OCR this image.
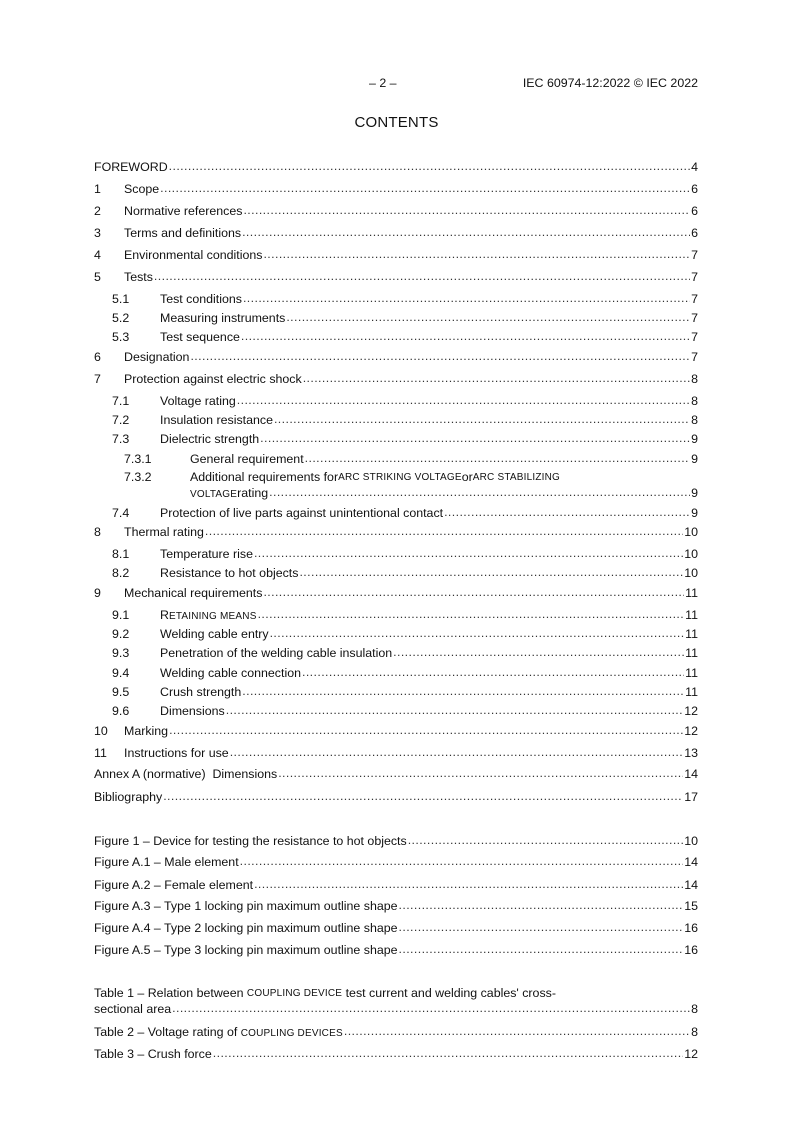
– 2 –	IEC 60974-12:2022 © IEC 2022
CONTENTS
FOREWORD .....	4
1	Scope .....	6
2	Normative references .....	6
3	Terms and definitions .....	6
4	Environmental conditions .....	7
5	Tests .....	7
5.1	Test conditions .....	7
5.2	Measuring instruments .....	7
5.3	Test sequence .....	7
6	Designation .....	7
7	Protection against electric shock .....	8
7.1	Voltage rating .....	8
7.2	Insulation resistance .....	8
7.3	Dielectric strength .....	9
7.3.1	General requirement .....	9
7.3.2	Additional requirements for ARC STRIKING VOLTAGE or ARC STABILIZING
VOLTAGE rating .....	9
7.4	Protection of live parts against unintentional contact .....	9
8	Thermal rating .....	10
8.1	Temperature rise .....	10
8.2	Resistance to hot objects .....	10
9	Mechanical requirements .....	11
9.1	RETAINING MEANS .....	11
9.2	Welding cable entry .....	11
9.3	Penetration of the welding cable insulation .....	11
9.4	Welding cable connection .....	11
9.5	Crush strength .....	11
9.6	Dimensions .....	12
10	Marking .....	12
11	Instructions for use .....	13
Annex A (normative)  Dimensions .....	14
Bibliography .....	17
Figure 1 – Device for testing the resistance to hot objects .....	10
Figure A.1 – Male element .....	14
Figure A.2 – Female element .....	14
Figure A.3 – Type 1 locking pin maximum outline shape .....	15
Figure A.4 – Type 2 locking pin maximum outline shape .....	16
Figure A.5 – Type 3 locking pin maximum outline shape .....	16
Table 1 – Relation between COUPLING DEVICE test current and welding cables' cross-
sectional area .....	8
Table 2 – Voltage rating of COUPLING DEVICES .....	8
Table 3 – Crush force .....	12
